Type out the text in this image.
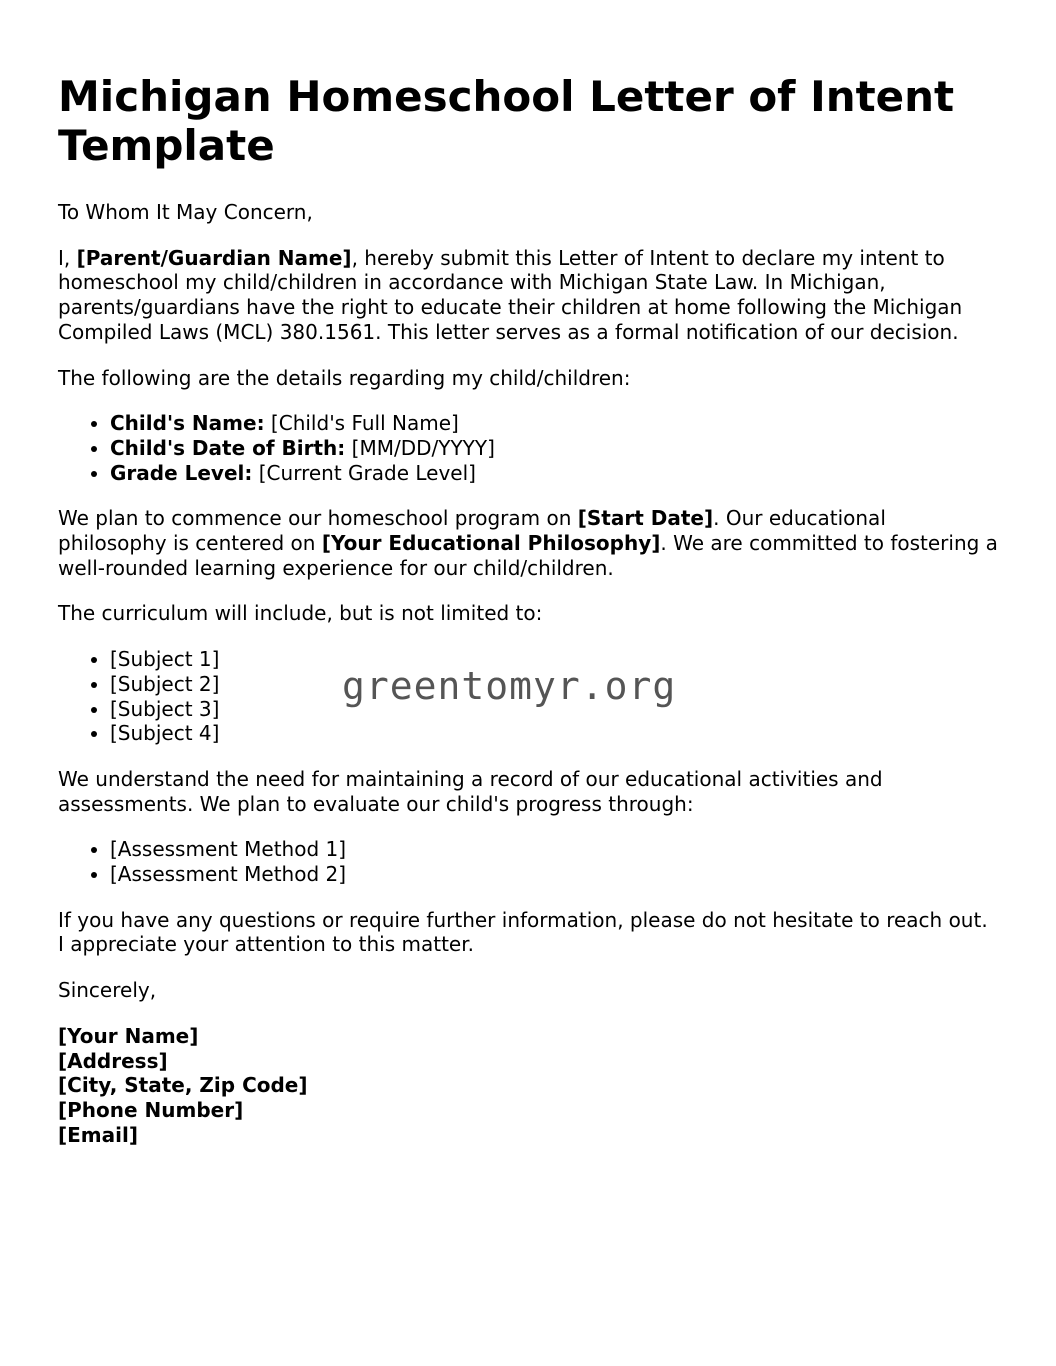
Michigan Homeschool Letter of Intent Template

To Whom It May Concern,

I, [Parent/Guardian Name], hereby submit this Letter of Intent to declare my intent to homeschool my child/children in accordance with Michigan State Law. In Michigan, parents/guardians have the right to educate their children at home following the Michigan Compiled Laws (MCL) 380.1561. This letter serves as a formal notification of our decision.

The following are the details regarding my child/children:

• Child's Name: [Child's Full Name]
• Child's Date of Birth: [MM/DD/YYYY]
• Grade Level: [Current Grade Level]

We plan to commence our homeschool program on [Start Date]. Our educational philosophy is centered on [Your Educational Philosophy]. We are committed to fostering a well-rounded learning experience for our child/children.

The curriculum will include, but is not limited to:

• [Subject 1]
• [Subject 2]
• [Subject 3]
• [Subject 4]

We understand the need for maintaining a record of our educational activities and assessments. We plan to evaluate our child's progress through:

• [Assessment Method 1]
• [Assessment Method 2]

If you have any questions or require further information, please do not hesitate to reach out. I appreciate your attention to this matter.

Sincerely,

[Your Name]
[Address]
[City, State, Zip Code]
[Phone Number]
[Email]
greentomyr.org
